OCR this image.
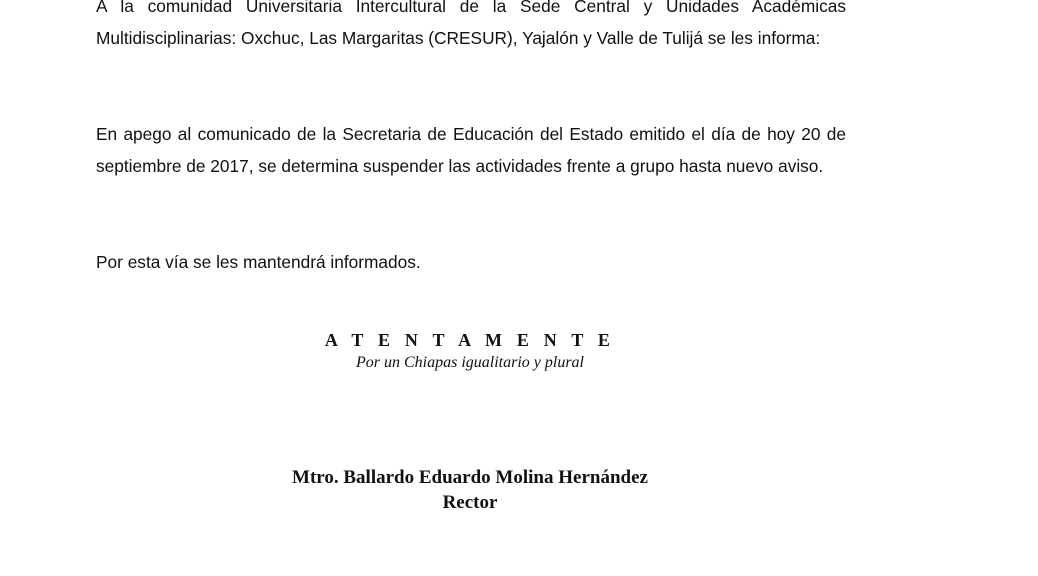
A la comunidad Universitaria Intercultural de la Sede Central y Unidades Académicas Multidisciplinarias: Oxchuc, Las Margaritas (CRESUR), Yajalón y Valle de Tulijá se les informa:

En apego al comunicado de la Secretaria de Educación del Estado emitido el día de hoy 20 de septiembre de 2017, se determina suspender las actividades frente a grupo hasta nuevo aviso.

Por esta vía se les mantendrá informados.

A T E N T A M E N T E
Por un Chiapas igualitario y plural
Mtro. Ballardo Eduardo Molina Hernández
Rector
